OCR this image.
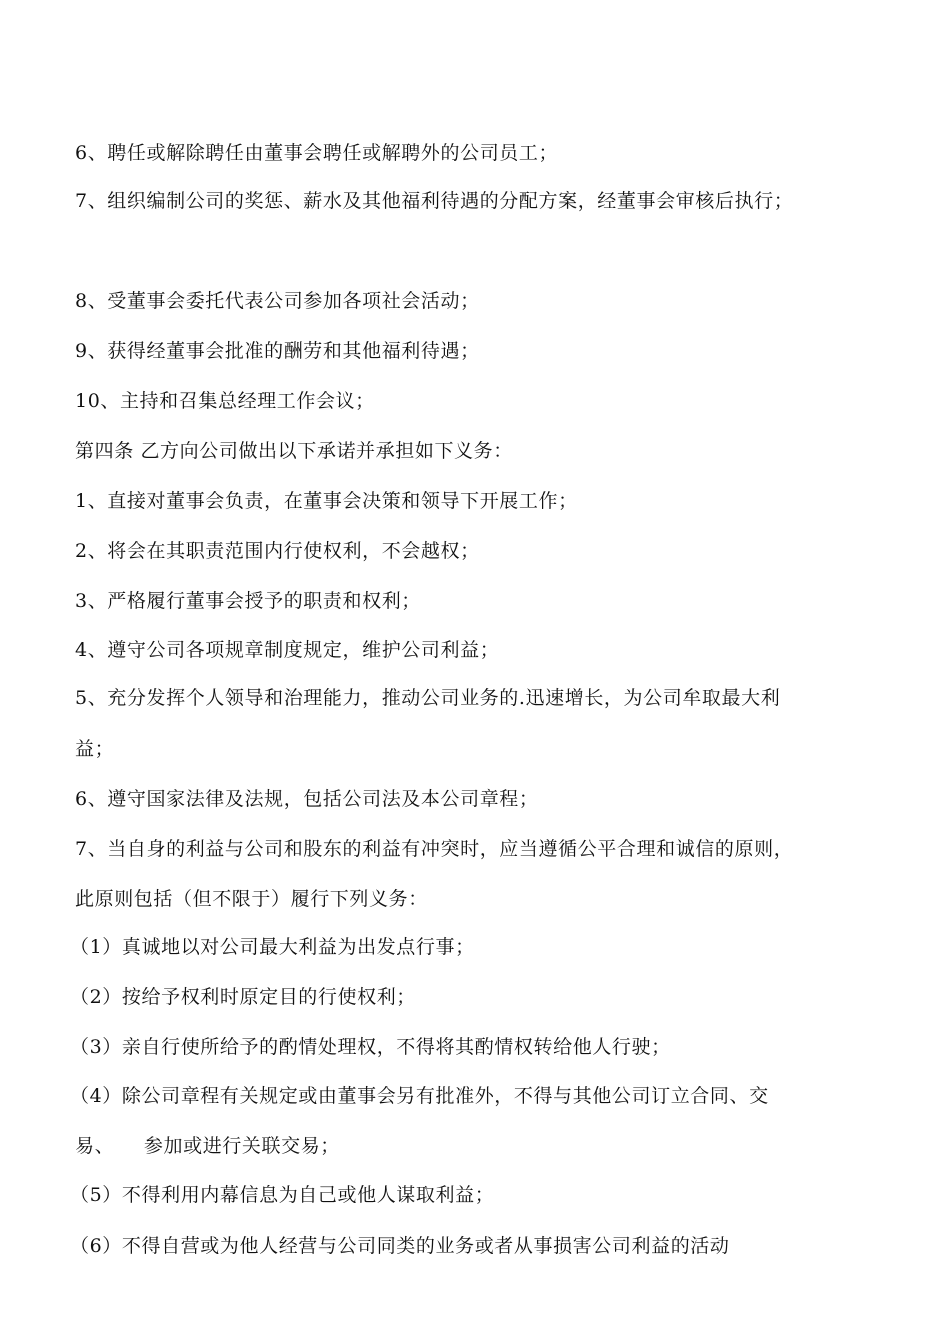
6、聘任或解除聘任由董事会聘任或解聘外的公司员工；
7、组织编制公司的奖惩、薪水及其他福利待遇的分配方案，经董事会审核后执行；
8、受董事会委托代表公司参加各项社会活动；
9、获得经董事会批准的酬劳和其他福利待遇；
10、主持和召集总经理工作会议；
第四条 乙方向公司做出以下承诺并承担如下义务：
1、直接对董事会负责，在董事会决策和领导下开展工作；
2、将会在其职责范围内行使权利，不会越权；
3、严格履行董事会授予的职责和权利；
4、遵守公司各项规章制度规定，维护公司利益；
5、充分发挥个人领导和治理能力，推动公司业务的.迅速增长，为公司牟取最大利
益；
6、遵守国家法律及法规，包括公司法及本公司章程；
7、当自身的利益与公司和股东的利益有冲突时，应当遵循公平合理和诚信的原则，
此原则包括（但不限于）履行下列义务：
（1）真诚地以对公司最大利益为出发点行事；
（2）按给予权利时原定目的行使权利；
（3）亲自行使所给予的酌情处理权，不得将其酌情权转给他人行驶；
（4）除公司章程有关规定或由董事会另有批准外，不得与其他公司订立合同、交
易、　　参加或进行关联交易；
（5）不得利用内幕信息为自己或他人谋取利益；
（6）不得自营或为他人经营与公司同类的业务或者从事损害公司利益的活动
